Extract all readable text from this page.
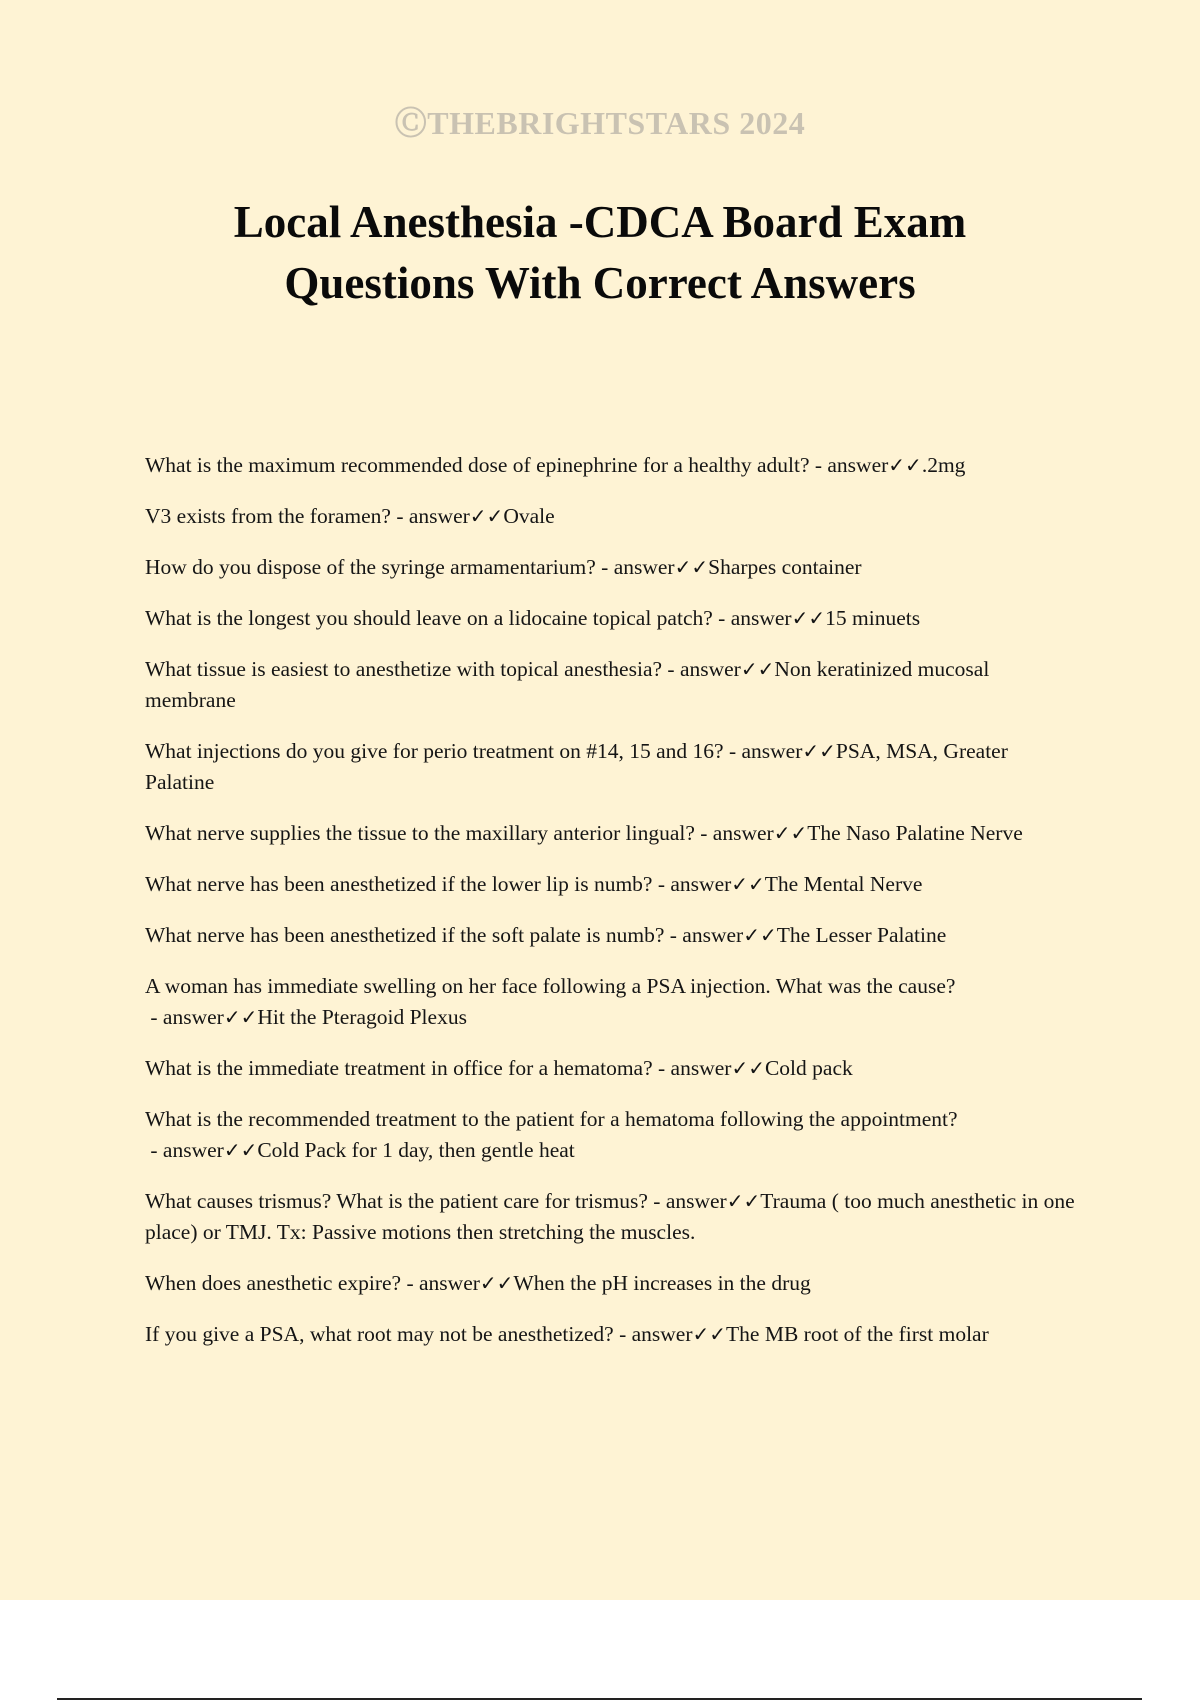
ⒸTHEBRIGHTSTARS 2024
Local Anesthesia -CDCA Board Exam
Questions With Correct Answers
What is the maximum recommended dose of epinephrine for a healthy adult? - answer✓✓.2mg
V3 exists from the foramen? - answer✓✓Ovale
How do you dispose of the syringe armamentarium? - answer✓✓Sharpes container
What is the longest you should leave on a lidocaine topical patch? - answer✓✓15 minuets
What tissue is easiest to anesthetize with topical anesthesia? - answer✓✓Non keratinized mucosal membrane
What injections do you give for perio treatment on #14, 15 and 16? - answer✓✓PSA, MSA, Greater Palatine
What nerve supplies the tissue to the maxillary anterior lingual? - answer✓✓The Naso Palatine Nerve
What nerve has been anesthetized if the lower lip is numb? - answer✓✓The Mental Nerve
What nerve has been anesthetized if the soft palate is numb? - answer✓✓The Lesser Palatine
A woman has immediate swelling on her face following a PSA injection. What was the cause? - answer✓✓Hit the Pteragoid Plexus
What is the immediate treatment in office for a hematoma? - answer✓✓Cold pack
What is the recommended treatment to the patient for a hematoma following the appointment? - answer✓✓Cold Pack for 1 day, then gentle heat
What causes trismus? What is the patient care for trismus? - answer✓✓Trauma ( too much anesthetic in one place) or TMJ. Tx: Passive motions then stretching the muscles.
When does anesthetic expire? - answer✓✓When the pH increases in the drug
If you give a PSA, what root may not be anesthetized? - answer✓✓The MB root of the first molar
